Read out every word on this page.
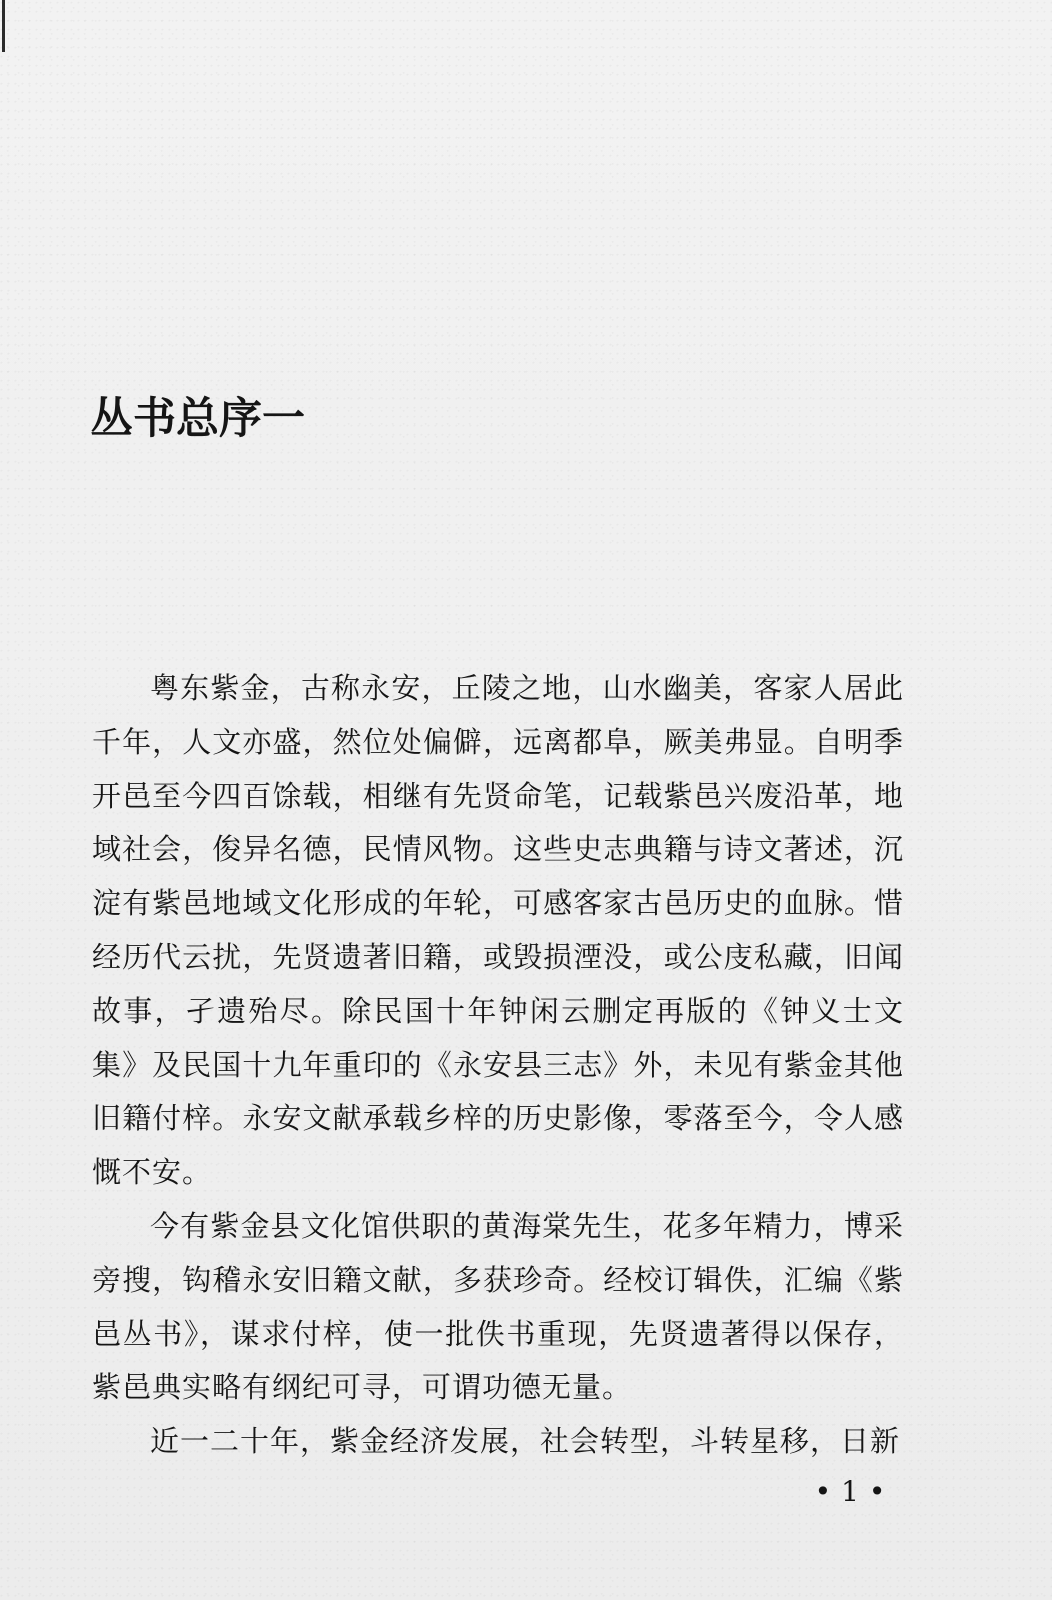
丛书总序一

粤东紫金，古称永安，丘陵之地，山水幽美，客家人居此千年，人文亦盛，然位处偏僻，远离都阜，厥美弗显。自明季开邑至今四百馀载，相继有先贤命笔，记载紫邑兴废沿革，地域社会，俊异名德，民情风物。这些史志典籍与诗文著述，沉淀有紫邑地域文化形成的年轮，可感客家古邑历史的血脉。惜经历代云扰，先贤遗著旧籍，或毁损湮没，或公庋私藏，旧闻故事，孑遗殆尽。除民国十年钟闲云删定再版的《钟义士文集》及民国十九年重印的《永安县三志》外，未见有紫金其他旧籍付梓。永安文献承载乡梓的历史影像，零落至今，令人感慨不安。

今有紫金县文化馆供职的黄海棠先生，花多年精力，博采旁搜，钩稽永安旧籍文献，多获珍奇。经校订辑佚，汇编《紫邑丛书》，谋求付梓，使一批佚书重现，先贤遗著得以保存，紫邑典实略有纲纪可寻，可谓功德无量。

近一二十年，紫金经济发展，社会转型，斗转星移，日新

• 1 •
